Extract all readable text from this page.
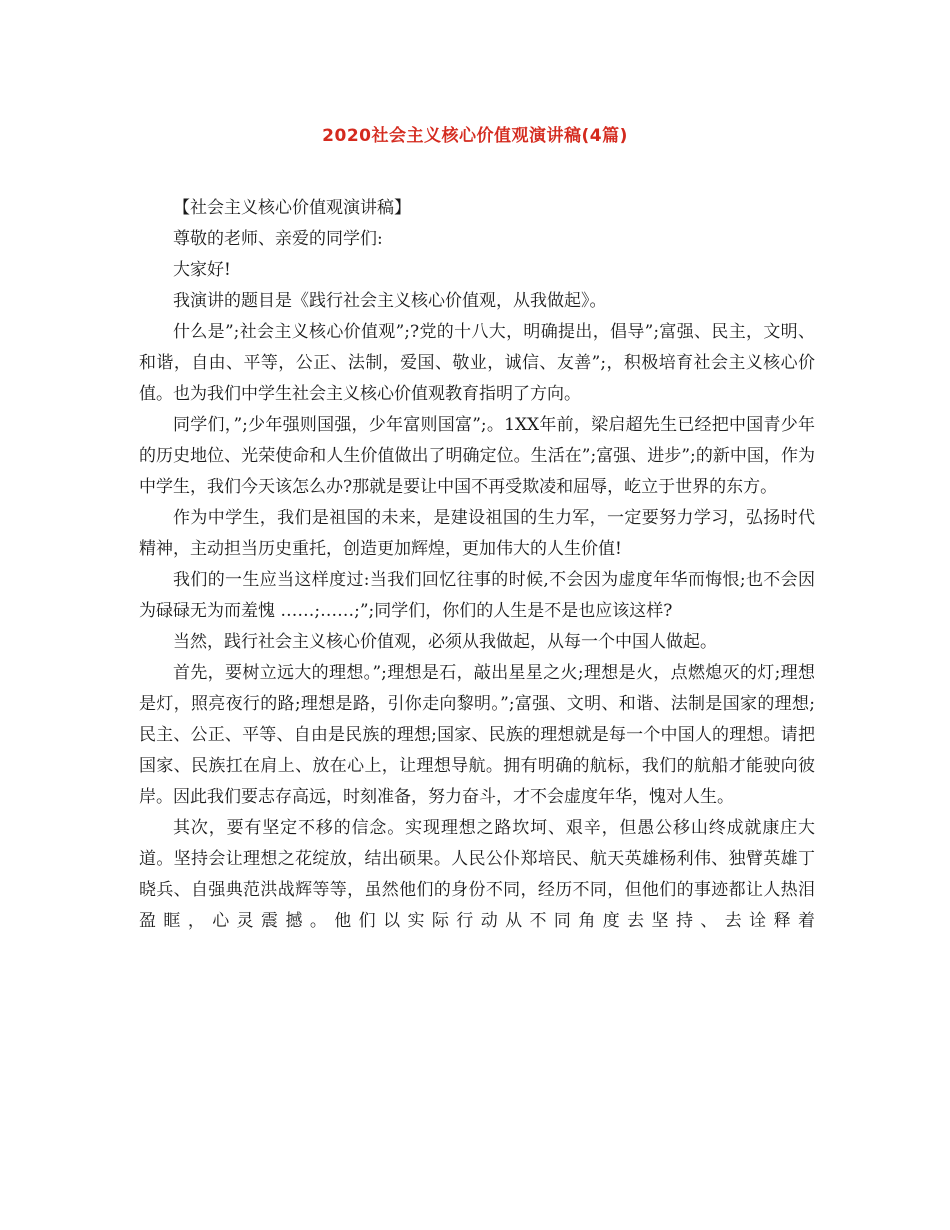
2020社会主义核心价值观演讲稿(4篇)

【社会主义核心价值观演讲稿】

尊敬的老师、亲爱的同学们:

大家好!

我演讲的题目是《践行社会主义核心价值观，从我做起》。

什么是”;社会主义核心价值观”;?党的十八大，明确提出，倡导”;富强、民主，文明、和谐，自由、平等，公正、法制，爱国、敬业，诚信、友善”;，积极培育社会主义核心价值。也为我们中学生社会主义核心价值观教育指明了方向。

同学们，”;少年强则国强，少年富则国富”;。1XX年前，梁启超先生已经把中国青少年的历史地位、光荣使命和人生价值做出了明确定位。生活在”;富强、进步”;的新中国，作为中学生，我们今天该怎么办?那就是要让中国不再受欺凌和屈辱，屹立于世界的东方。

作为中学生，我们是祖国的未来，是建设祖国的生力军，一定要努力学习，弘扬时代精神，主动担当历史重托，创造更加辉煌，更加伟大的人生价值!

我们的一生应当这样度过:当我们回忆往事的时候,不会因为虚度年华而悔恨;也不会因为碌碌无为而羞愧 ……;……;”;同学们，你们的人生是不是也应该这样?

当然，践行社会主义核心价值观，必须从我做起，从每一个中国人做起。

首先，要树立远大的理想。”;理想是石，敲出星星之火;理想是火，点燃熄灭的灯;理想是灯，照亮夜行的路;理想是路，引你走向黎明。”;富强、文明、和谐、法制是国家的理想;民主、公正、平等、自由是民族的理想;国家、民族的理想就是每一个中国人的理想。请把国家、民族扛在肩上、放在心上，让理想导航。拥有明确的航标，我们的航船才能驶向彼岸。因此我们要志存高远，时刻准备，努力奋斗，才不会虚度年华，愧对人生。

其次，要有坚定不移的信念。实现理想之路坎坷、艰辛，但愚公移山终成就康庄大道。坚持会让理想之花绽放，结出硕果。人民公仆郑培民、航天英雄杨利伟、独臂英雄丁晓兵、自强典范洪战辉等等，虽然他们的身份不同，经历不同，但他们的事迹都让人热泪盈眶，心灵震撼。他们以实际行动从不同角度去坚持、去诠释着
